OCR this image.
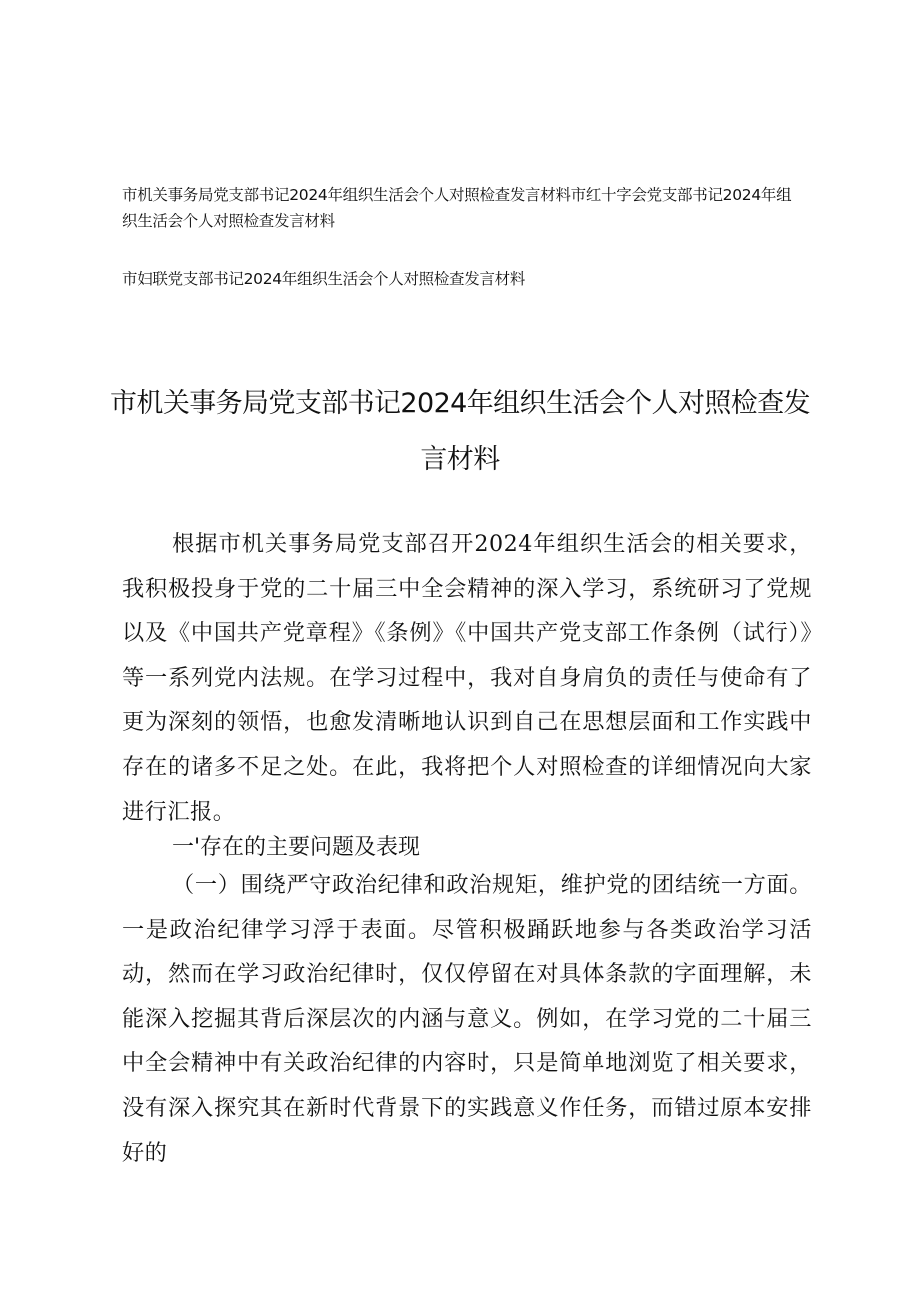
市机关事务局党支部书记2024年组织生活会个人对照检查发言材料市红十字会党支部书记2024年组织生活会个人对照检查发言材料

市妇联党支部书记2024年组织生活会个人对照检查发言材料

市机关事务局党支部书记2024年组织生活会个人对照检查发言材料

根据市机关事务局党支部召开2024年组织生活会的相关要求，我积极投身于党的二十届三中全会精神的深入学习，系统研习了党规以及《中国共产党章程》《条例》《中国共产党支部工作条例（试行）》等一系列党内法规。在学习过程中，我对自身肩负的责任与使命有了更为深刻的领悟，也愈发清晰地认识到自己在思想层面和工作实践中存在的诸多不足之处。在此，我将把个人对照检查的详细情况向大家进行汇报。

一'存在的主要问题及表现

（一）围绕严守政治纪律和政治规矩，维护党的团结统一方面。一是政治纪律学习浮于表面。尽管积极踊跃地参与各类政治学习活动，然而在学习政治纪律时，仅仅停留在对具体条款的字面理解，未能深入挖掘其背后深层次的内涵与意义。例如，在学习党的二十届三中全会精神中有关政治纪律的内容时，只是简单地浏览了相关要求，没有深入探究其在新时代背景下的实践意义作任务，而错过原本安排好的
